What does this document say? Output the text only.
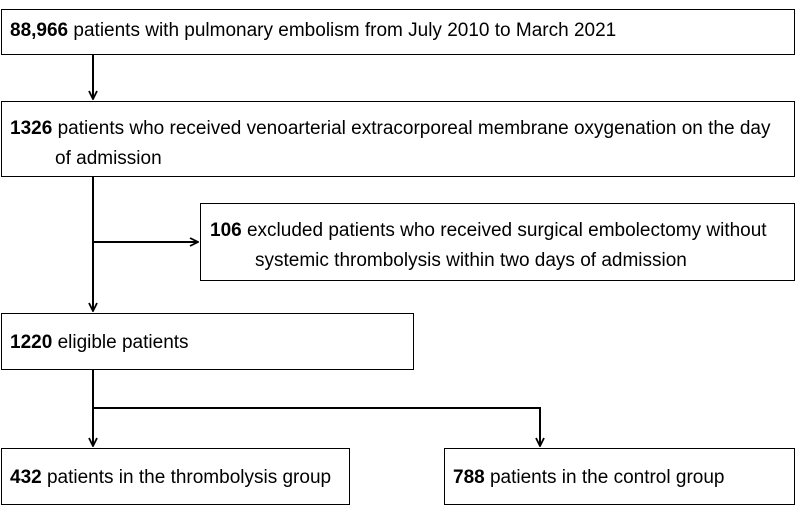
88,966 patients with pulmonary embolism from July 2010 to March 2021
1326 patients who received venoarterial extracorporeal membrane oxygenation on the day
of admission
106 excluded patients who received surgical embolectomy without
systemic thrombolysis within two days of admission
1220 eligible patients
432 patients in the thrombolysis group	788 patients in the control group
